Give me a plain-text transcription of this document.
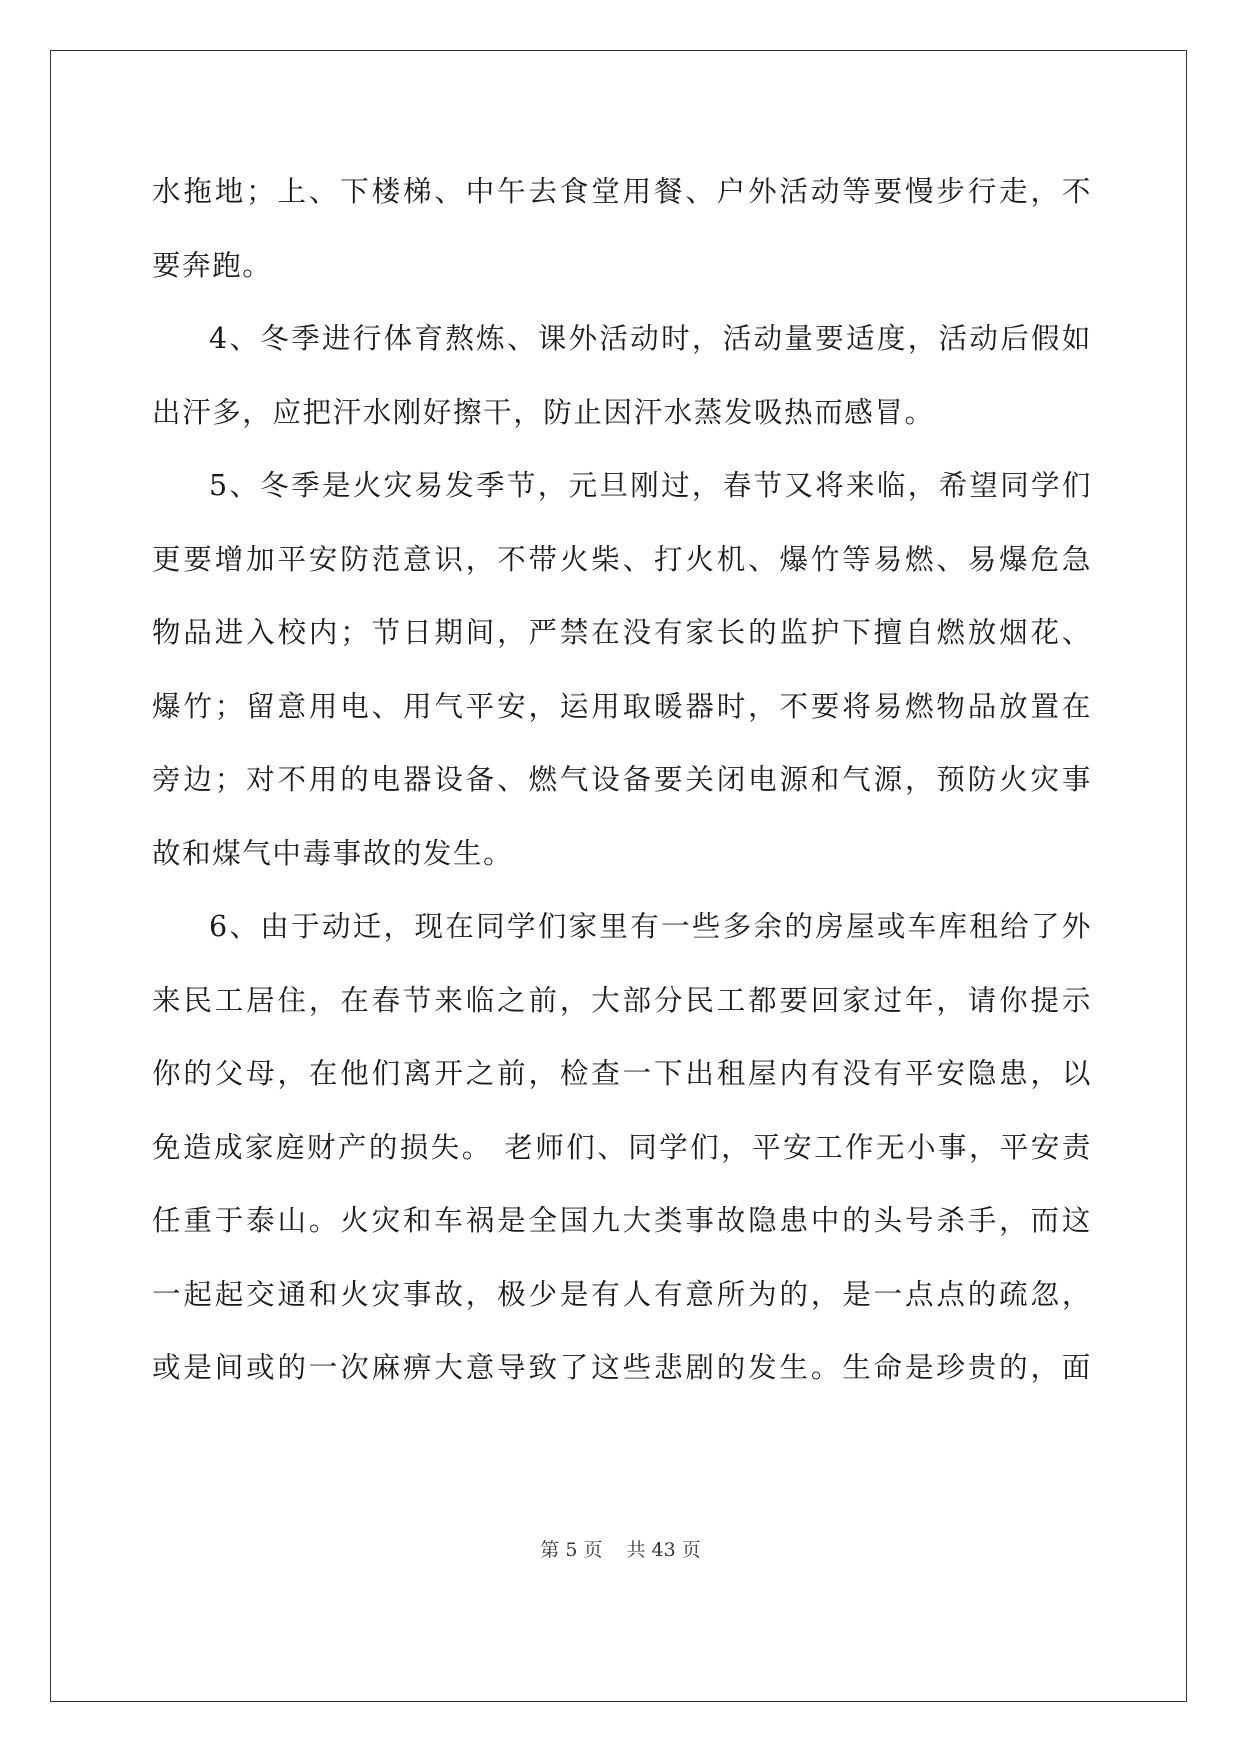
水拖地；上、下楼梯、中午去食堂用餐、户外活动等要慢步行走，不
要奔跑。
4、冬季进行体育熬炼、课外活动时，活动量要适度，活动后假如
出汗多，应把汗水刚好擦干，防止因汗水蒸发吸热而感冒。
5、冬季是火灾易发季节，元旦刚过，春节又将来临，希望同学们
更要增加平安防范意识，不带火柴、打火机、爆竹等易燃、易爆危急
物品进入校内；节日期间，严禁在没有家长的监护下擅自燃放烟花、
爆竹；留意用电、用气平安，运用取暖器时，不要将易燃物品放置在
旁边；对不用的电器设备、燃气设备要关闭电源和气源，预防火灾事
故和煤气中毒事故的发生。
6、由于动迁，现在同学们家里有一些多余的房屋或车库租给了外
来民工居住，在春节来临之前，大部分民工都要回家过年，请你提示
你的父母，在他们离开之前，检查一下出租屋内有没有平安隐患，以
免造成家庭财产的损失。 老师们、同学们，平安工作无小事，平安责
任重于泰山。火灾和车祸是全国九大类事故隐患中的头号杀手，而这
一起起交通和火灾事故，极少是有人有意所为的，是一点点的疏忽，
或是间或的一次麻痹大意导致了这些悲剧的发生。生命是珍贵的，面
第 5 页 共 43 页
